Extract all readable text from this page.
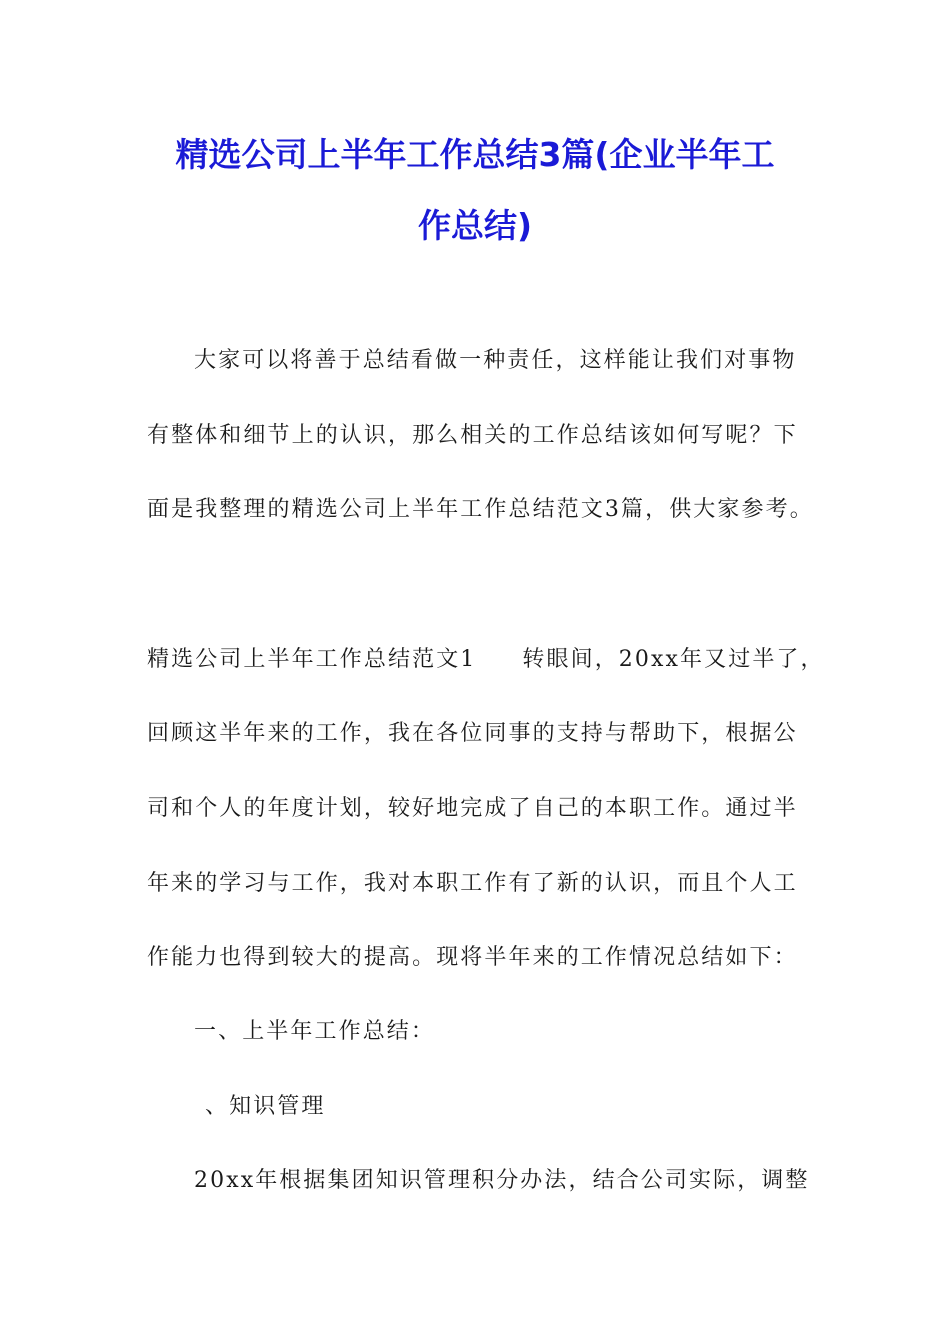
精选公司上半年工作总结3篇(企业半年工
作总结)
大家可以将善于总结看做一种责任，这样能让我们对事物
有整体和细节上的认识，那么相关的工作总结该如何写呢？下
面是我整理的精选公司上半年工作总结范文3篇，供大家参考。
精选公司上半年工作总结范文1 转眼间，20xx年又过半了，
回顾这半年来的工作，我在各位同事的支持与帮助下，根据公
司和个人的年度计划，较好地完成了自己的本职工作。通过半
年来的学习与工作，我对本职工作有了新的认识，而且个人工
作能力也得到较大的提高。现将半年来的工作情况总结如下：
一、上半年工作总结：
、知识管理
20xx年根据集团知识管理积分办法，结合公司实际，调整
